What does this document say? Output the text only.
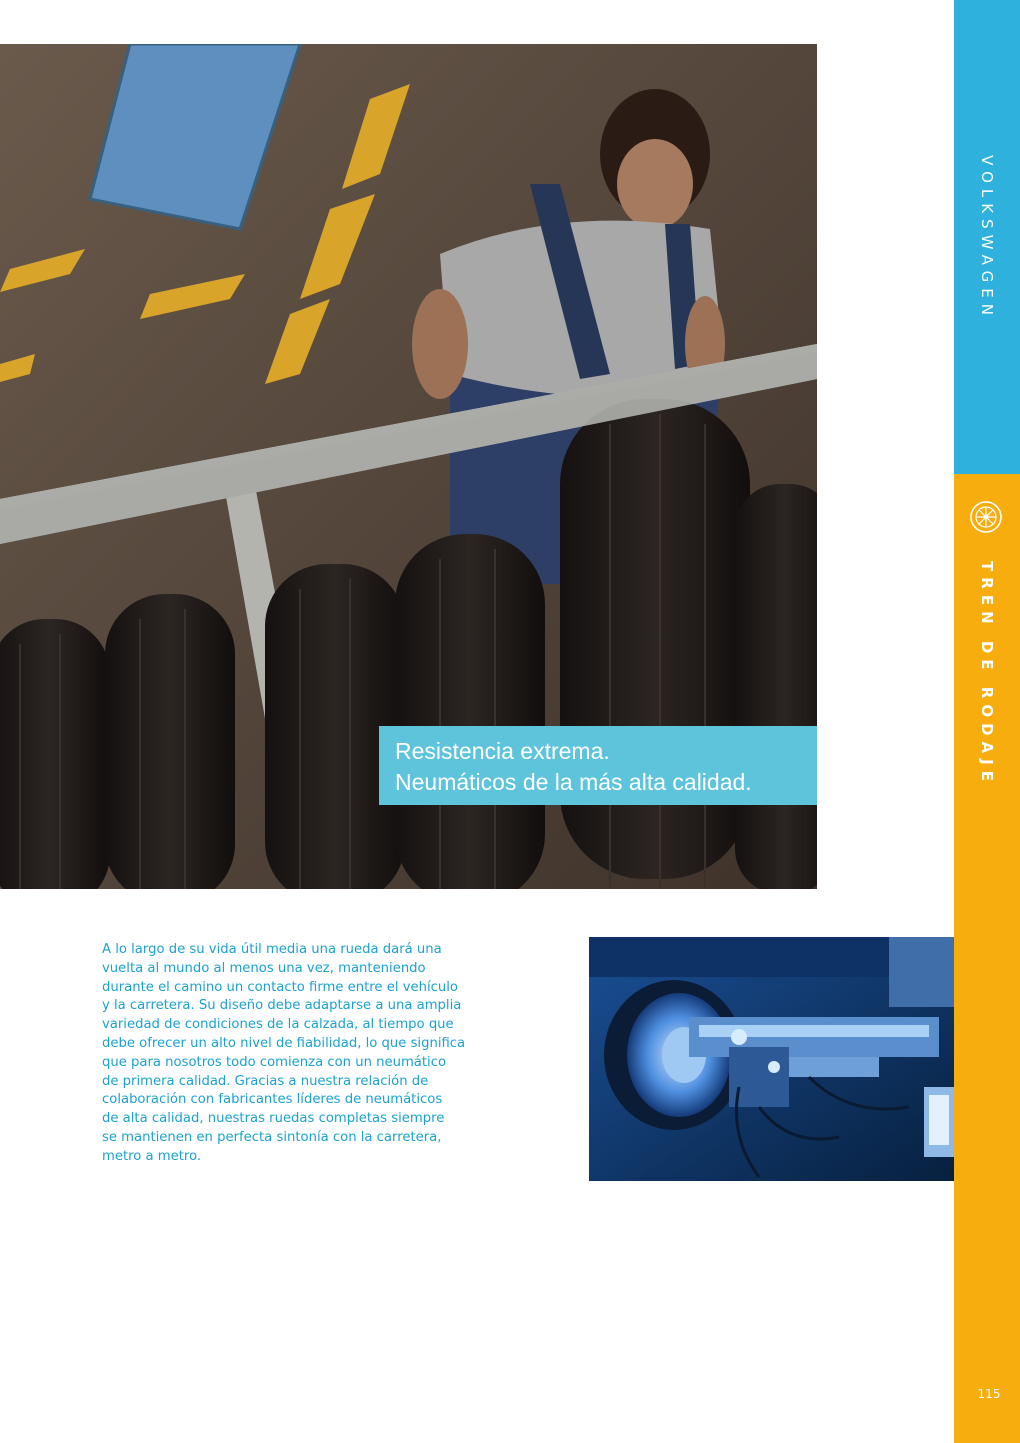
VOLKSWAGEN
TREN DE RODAJE
115
Resistencia extrema.
Neumáticos de la más alta calidad.
A lo largo de su vida útil media una rueda dará una
vuelta al mundo al menos una vez, manteniendo
durante el camino un contacto firme entre el vehículo
y la carretera. Su diseño debe adaptarse a una amplia
variedad de condiciones de la calzada, al tiempo que
debe ofrecer un alto nivel de fiabilidad, lo que significa
que para nosotros todo comienza con un neumático
de primera calidad. Gracias a nuestra relación de
colaboración con fabricantes líderes de neumáticos
de alta calidad, nuestras ruedas completas siempre
se mantienen en perfecta sintonía con la carretera,
metro a metro.
